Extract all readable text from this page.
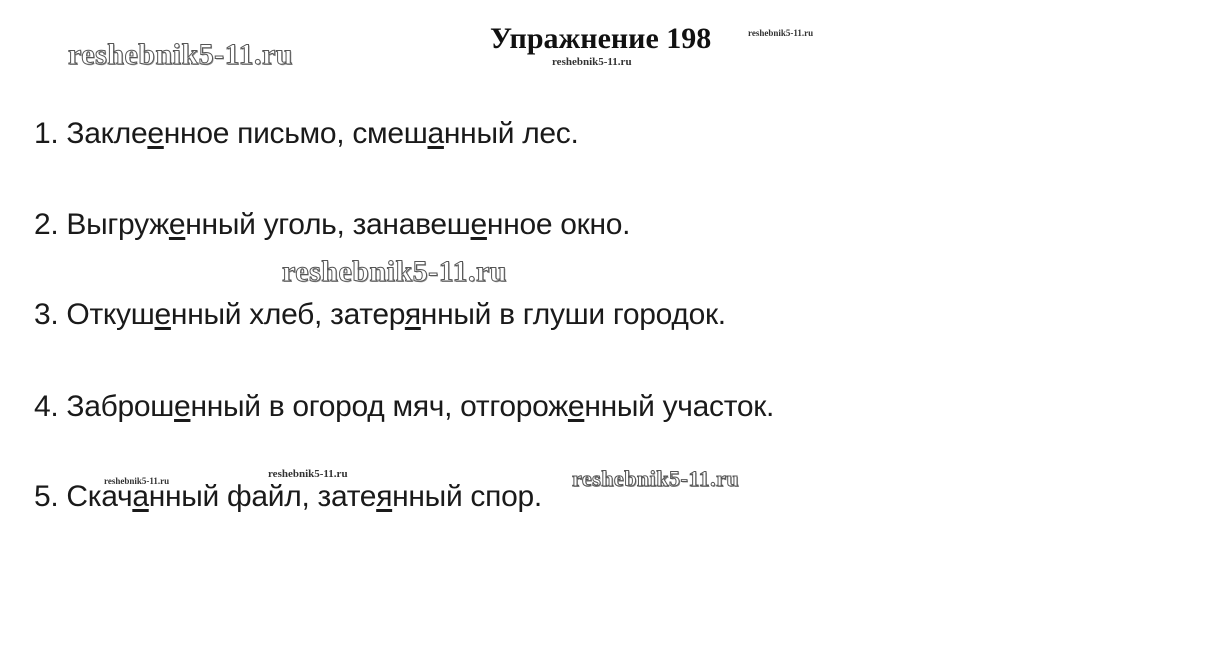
reshebnik5-11.ru
reshebnik5-11.ru
reshebnik5-11.ru
reshebnik5-11.ru
reshebnik5-11.ru
reshebnik5-11.ru	reshebnik5-11.ru
Упражнение 198
1. Заклеенное письмо, смешанный лес.
2. Выгруженный уголь, занавешенное окно.
3. Откушенный хлеб, затерянный в глуши городок.
4. Заброшенный в огород мяч, отгороженный участок.
5. Скачанный файл, затеянный спор.
